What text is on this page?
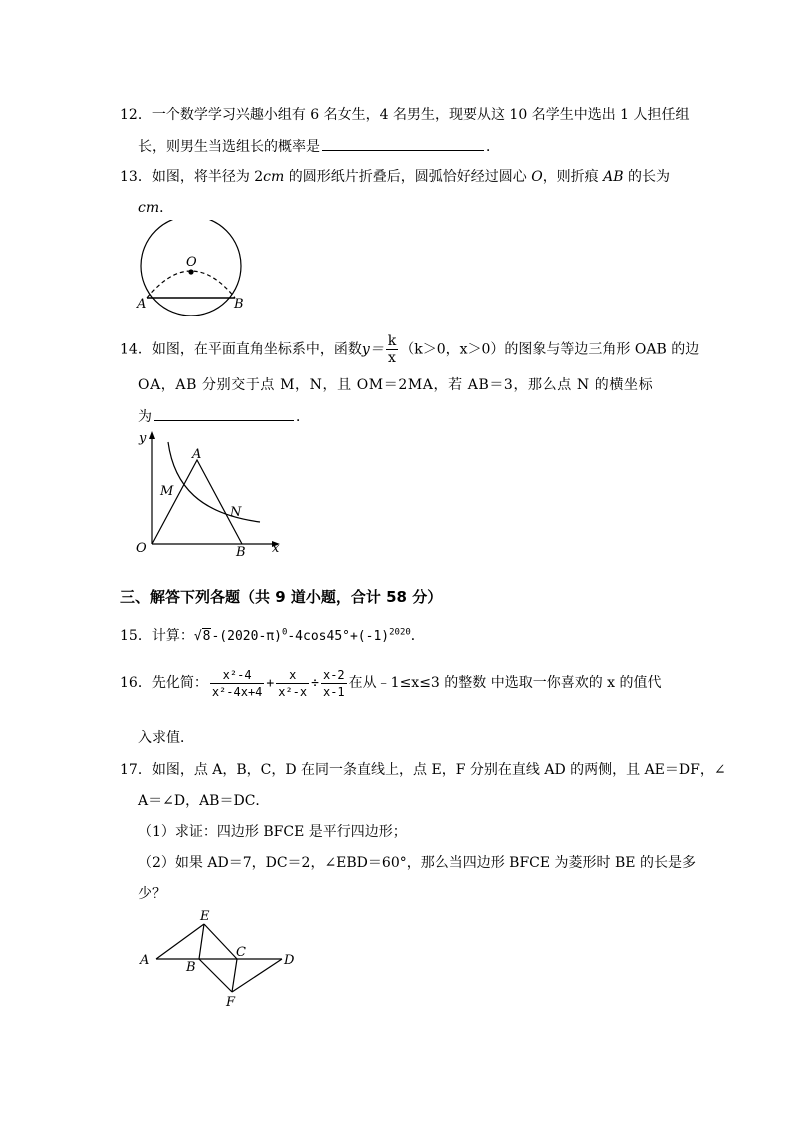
12．一个数学学习兴趣小组有 6 名女生，4 名男生，现要从这 10 名学生中选出 1 人担任组
长，则男生当选组长的概率是	．
13．如图，将半径为 2cm 的圆形纸片折叠后，圆弧恰好经过圆心 O，则折痕 AB 的长为
cm．
O
A	B
14．如图，在平面直角坐标系中，函数$y= \frac{k}{x} (k>0$，x＞0）的图象与等边三角形 OAB 的边
OA，AB 分别交于点 M，N，且 OM＝2MA，若 AB＝3，那么点 N 的横坐标
为	．
y
x
O
A
M
N
B
三、解答下列各题（共 9 道小题，合计 58 分）
15．计算：$√8-(2020-\pi)^0-4\cos 45^\circ+(-1)^{2020}$．
16．先化简： $\frac{\text{x²-4}}{\text{x²-4x+4}} + \frac{x}{\text{x²-x}} \div \frac{x-2}{x-1}$ 在从﹣1≤x≤3 的整数 中选取一你喜欢的 x 的值代
入求值．
17．如图，点 A，B，C，D 在同一条直线上，点 E，F 分别在直线 AD 的两侧，且 AE＝DF，∠
A＝∠D，AB＝DC．
（1）求证：四边形 BFCE 是平行四边形；
（2）如果 AD＝7，DC＝2，∠EBD＝60°，那么当四边形 BFCE 为菱形时 BE 的长是多
少？
A	B
C
D
E
F
